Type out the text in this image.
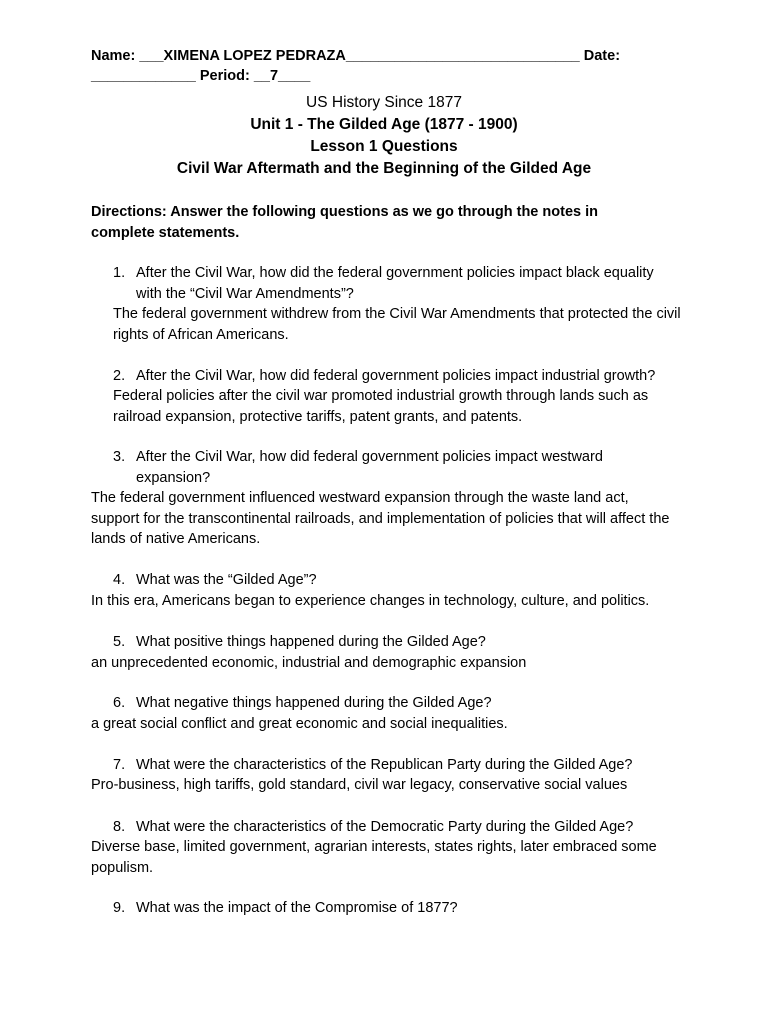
Name: ___XIMENA LOPEZ PEDRAZA_____________________________ Date:
_____________ Period: __7____
US History Since 1877
Unit 1 - The Gilded Age (1877 - 1900)
Lesson 1 Questions
Civil War Aftermath and the Beginning of the Gilded Age
Directions: Answer the following questions as we go through the notes in complete statements.
1. After the Civil War, how did the federal government policies impact black equality with the “Civil War Amendments”?
The federal government withdrew from the Civil War Amendments that protected the civil rights of African Americans.
2. After the Civil War, how did federal government policies impact industrial growth?
Federal policies after the civil war promoted industrial growth through lands such as railroad expansion, protective tariffs, patent grants, and patents.
3. After the Civil War, how did federal government policies impact westward expansion?
The federal government influenced westward expansion through the waste land act, support for the transcontinental railroads, and implementation of policies that will affect the lands of native Americans.
4. What was the “Gilded Age”?
In this era, Americans began to experience changes in technology, culture, and politics.
5. What positive things happened during the Gilded Age?
an unprecedented economic, industrial and demographic expansion
6. What negative things happened during the Gilded Age?
a great social conflict and great economic and social inequalities.
7. What were the characteristics of the Republican Party during the Gilded Age?
Pro-business, high tariffs, gold standard, civil war legacy, conservative social values
8. What were the characteristics of the Democratic Party during the Gilded Age?
Diverse base, limited government, agrarian interests, states rights, later embraced some populism.
9. What was the impact of the Compromise of 1877?
